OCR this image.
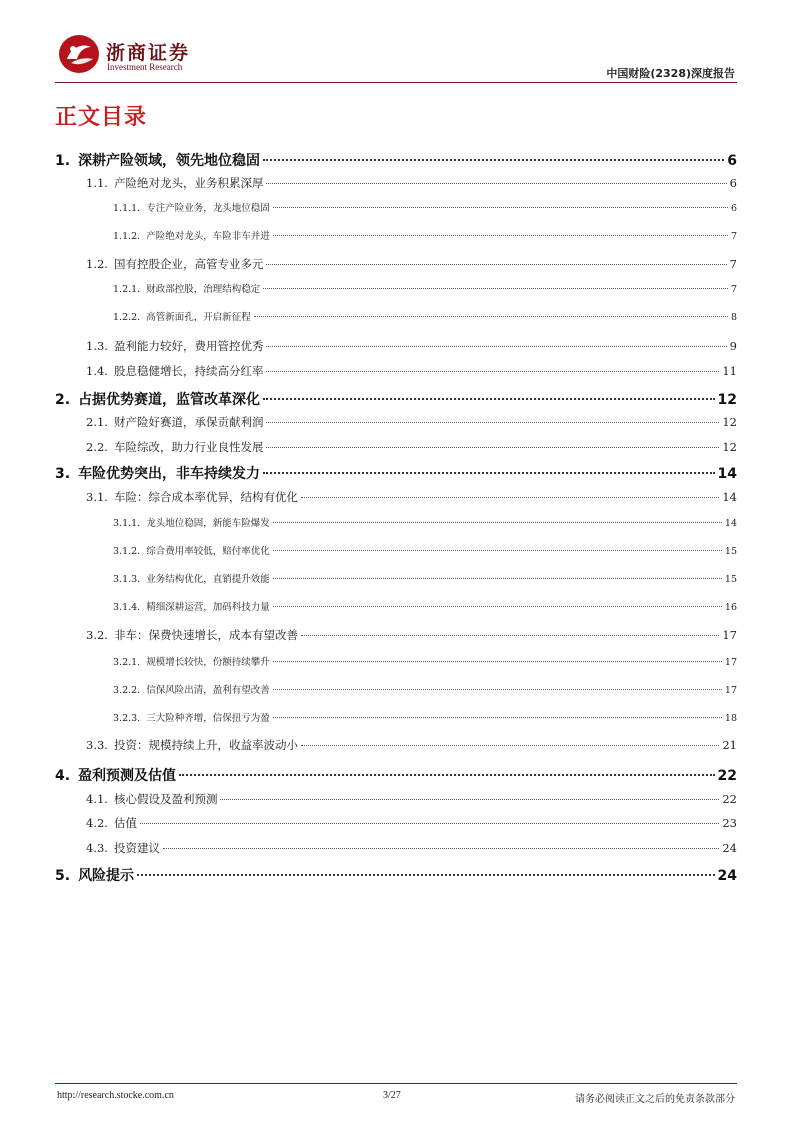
浙商证券
Investment Research	中国财险(2328)深度报告
正文目录
1. 深耕产险领域，领先地位稳固	6
1.1. 产险绝对龙头，业务积累深厚	6
1.1.1. 专注产险业务，龙头地位稳固	6
1.1.2. 产险绝对龙头，车险非车并进	7
1.2. 国有控股企业，高管专业多元	7
1.2.1. 财政部控股，治理结构稳定	7
1.2.2. 高管新面孔，开启新征程	8
1.3. 盈利能力较好，费用管控优秀	9
1.4. 股息稳健增长，持续高分红率	11
2. 占据优势赛道，监管改革深化	12
2.1. 财产险好赛道，承保贡献利润	12
2.2. 车险综改，助力行业良性发展	12
3. 车险优势突出，非车持续发力	14
3.1. 车险：综合成本率优异，结构有优化	14
3.1.1. 龙头地位稳固，新能车险爆发	14
3.1.2. 综合费用率较低，赔付率优化	15
3.1.3. 业务结构优化，直销提升效能	15
3.1.4. 精细深耕运营，加码科技力量	16
3.2. 非车：保费快速增长，成本有望改善	17
3.2.1. 规模增长较快，份额持续攀升	17
3.2.2. 信保风险出清，盈利有望改善	17
3.2.3. 三大险种齐增，信保扭亏为盈	18
3.3. 投资：规模持续上升，收益率波动小	21
4. 盈利预测及估值	22
4.1. 核心假设及盈利预测	22
4.2. 估值	23
4.3. 投资建议	24
5. 风险提示	24
http://research.stocke.com.cn	3/27	请务必阅读正文之后的免责条款部分
